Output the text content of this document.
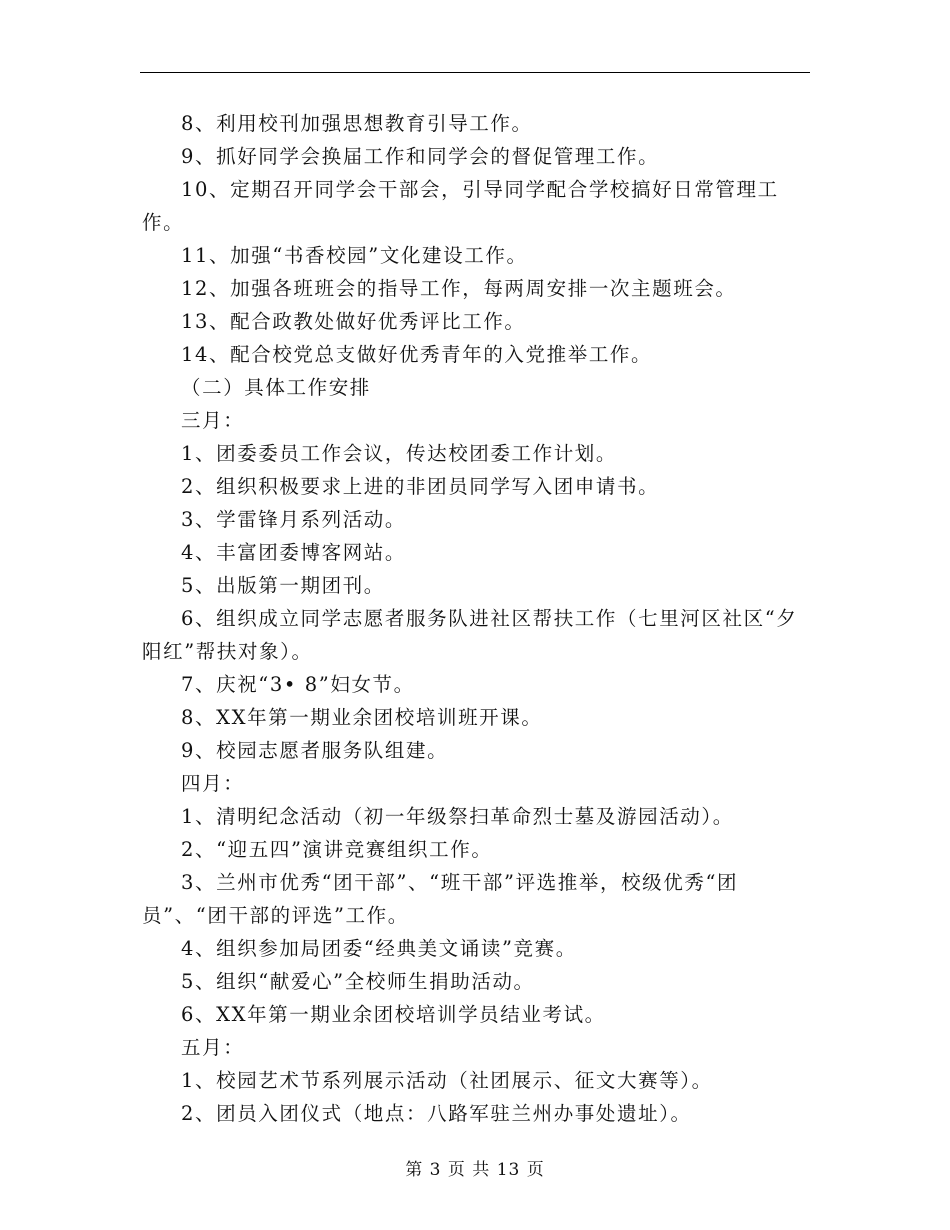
8、利用校刊加强思想教育引导工作。

9、抓好同学会换届工作和同学会的督促管理工作。

10、定期召开同学会干部会，引导同学配合学校搞好日常管理工作。

11、加强“书香校园”文化建设工作。

12、加强各班班会的指导工作，每两周安排一次主题班会。

13、配合政教处做好优秀评比工作。

14、配合校党总支做好优秀青年的入党推举工作。

（二）具体工作安排

三月：

1、团委委员工作会议，传达校团委工作计划。

2、组织积极要求上进的非团员同学写入团申请书。

3、学雷锋月系列活动。

4、丰富团委博客网站。

5、出版第一期团刊。

6、组织成立同学志愿者服务队进社区帮扶工作（七里河区社区“夕阳红”帮扶对象）。

7、庆祝“3• 8”妇女节。

8、XX年第一期业余团校培训班开课。

9、校园志愿者服务队组建。

四月：

1、清明纪念活动（初一年级祭扫革命烈士墓及游园活动）。

2、“迎五四”演讲竞赛组织工作。

3、兰州市优秀“团干部”、“班干部”评选推举，校级优秀“团员”、“团干部的评选”工作。

4、组织参加局团委“经典美文诵读”竞赛。

5、组织“献爱心”全校师生捐助活动。

6、XX年第一期业余团校培训学员结业考试。

五月：

1、校园艺术节系列展示活动（社团展示、征文大赛等）。

2、团员入团仪式（地点：八路军驻兰州办事处遗址）。

第 3 页 共 13 页
